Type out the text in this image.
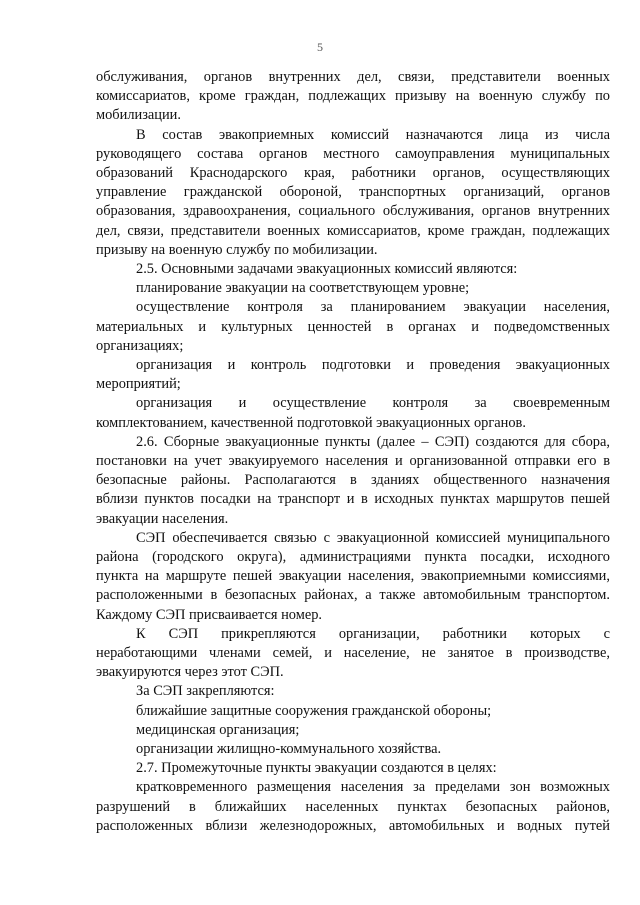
5
обслуживания, органов внутренних дел, связи, представители военных
комиссариатов, кроме граждан, подлежащих призыву на военную службу по
мобилизации.
В состав эвакоприемных комиссий назначаются лица из числа
руководящего состава органов местного самоуправления муниципальных
образований Краснодарского края, работники органов, осуществляющих
управление гражданской обороной, транспортных организаций, органов
образования, здравоохранения, социального обслуживания, органов внутренних
дел, связи, представители военных комиссариатов, кроме граждан, подлежащих
призыву на военную службу по мобилизации.
2.5. Основными задачами эвакуационных комиссий являются:
планирование эвакуации на соответствующем уровне;
осуществление контроля за планированием эвакуации населения,
материальных и культурных ценностей в органах и подведомственных
организациях;
организация и контроль подготовки и проведения эвакуационных
мероприятий;
организация и осуществление контроля за своевременным
комплектованием, качественной подготовкой эвакуационных органов.
2.6. Сборные эвакуационные пункты (далее – СЭП) создаются для сбора,
постановки на учет эвакуируемого населения и организованной отправки его в
безопасные районы. Располагаются в зданиях общественного назначения
вблизи пунктов посадки на транспорт и в исходных пунктах маршрутов пешей
эвакуации населения.
СЭП обеспечивается связью с эвакуационной комиссией муниципального
района (городского округа), администрациями пункта посадки, исходного
пункта на маршруте пешей эвакуации населения, эвакоприемными комиссиями,
расположенными в безопасных районах, а также автомобильным транспортом.
Каждому СЭП присваивается номер.
К СЭП прикрепляются организации, работники которых с
неработающими членами семей, и население, не занятое в производстве,
эвакуируются через этот СЭП.
За СЭП закрепляются:
ближайшие защитные сооружения гражданской обороны;
медицинская организация;
организации жилищно-коммунального хозяйства.
2.7. Промежуточные пункты эвакуации создаются в целях:
кратковременного размещения населения за пределами зон возможных
разрушений в ближайших населенных пунктах безопасных районов,
расположенных вблизи железнодорожных, автомобильных и водных путей
